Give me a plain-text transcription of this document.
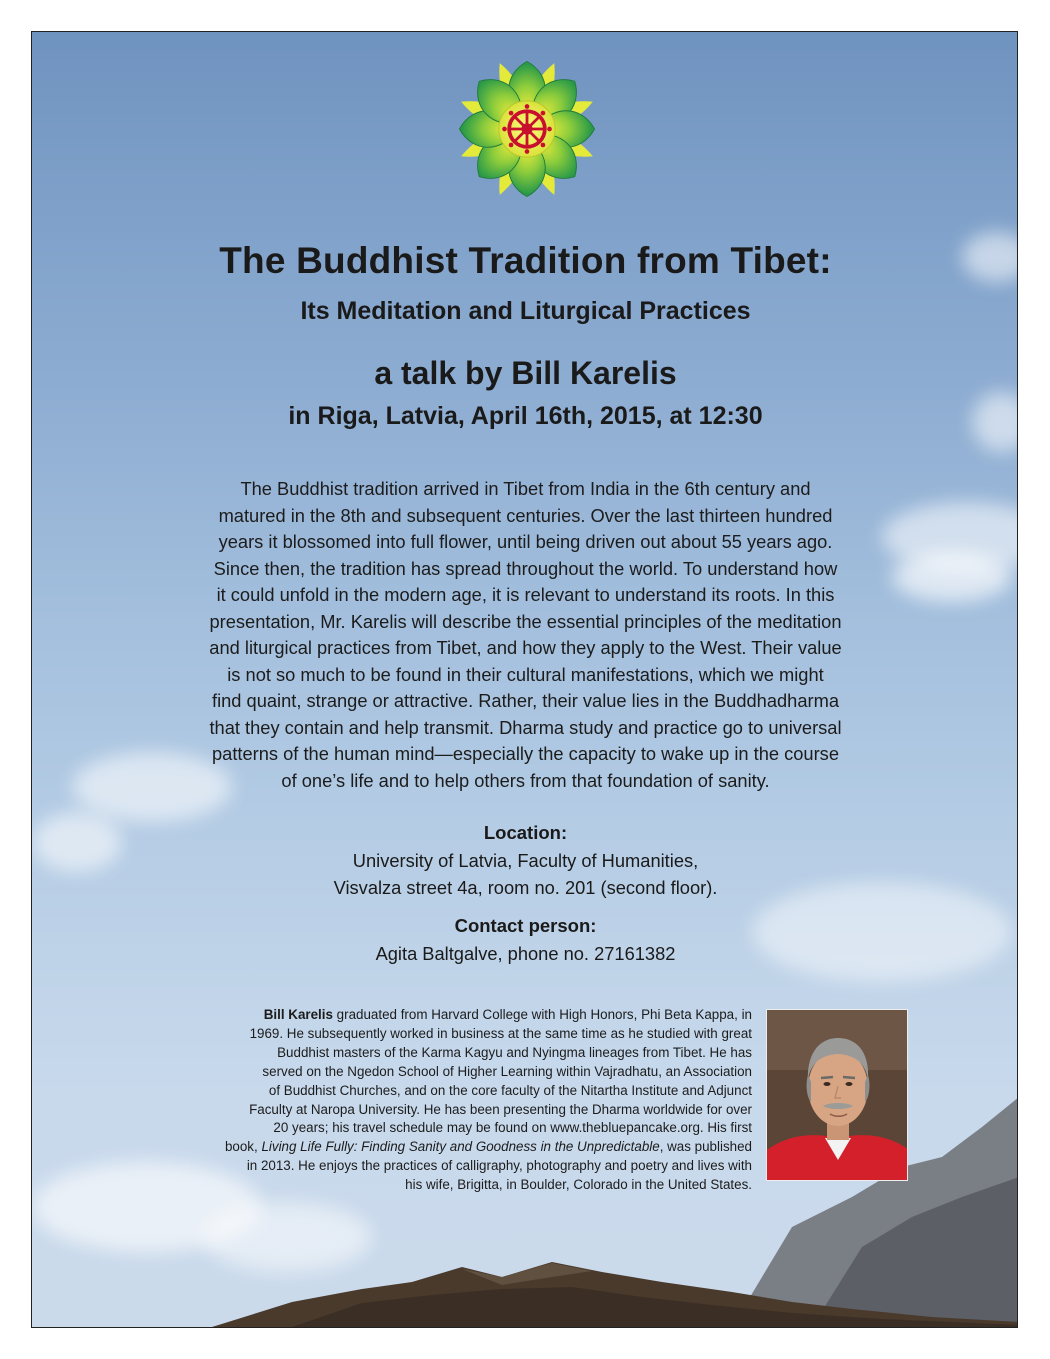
The Buddhist Tradition from Tibet:
Its Meditation and Liturgical Practices
a talk by Bill Karelis
in Riga, Latvia, April 16th, 2015, at 12:30

The Buddhist tradition arrived in Tibet from India in the 6th century and
matured in the 8th and subsequent centuries. Over the last thirteen hundred
years it blossomed into full flower, until being driven out about 55 years ago.
Since then, the tradition has spread throughout the world. To understand how
it could unfold in the modern age, it is relevant to understand its roots. In this
presentation, Mr. Karelis will describe the essential principles of the meditation
and liturgical practices from Tibet, and how they apply to the West. Their value
is not so much to be found in their cultural manifestations, which we might
find quaint, strange or attractive. Rather, their value lies in the Buddhadharma
that they contain and help transmit. Dharma study and practice go to universal
patterns of the human mind—especially the capacity to wake up in the course
of one’s life and to help others from that foundation of sanity.

Location:

University of Latvia, Faculty of Humanities,
Visvalza street 4a, room no. 201 (second floor).

Contact person:

Agita Baltgalve, phone no. 27161382

Bill Karelis graduated from Harvard College with High Honors, Phi Beta Kappa, in
1969. He subsequently worked in business at the same time as he studied with great
Buddhist masters of the Karma Kagyu and Nyingma lineages from Tibet. He has
served on the Ngedon School of Higher Learning within Vajradhatu, an Association
of Buddhist Churches, and on the core faculty of the Nitartha Institute and Adjunct
Faculty at Naropa University. He has been presenting the Dharma worldwide for over
20 years; his travel schedule may be found on www.thebluepancake.org. His first
book, Living Life Fully: Finding Sanity and Goodness in the Unpredictable, was published
in 2013. He enjoys the practices of calligraphy, photography and poetry and lives with
his wife, Brigitta, in Boulder, Colorado in the United States.
